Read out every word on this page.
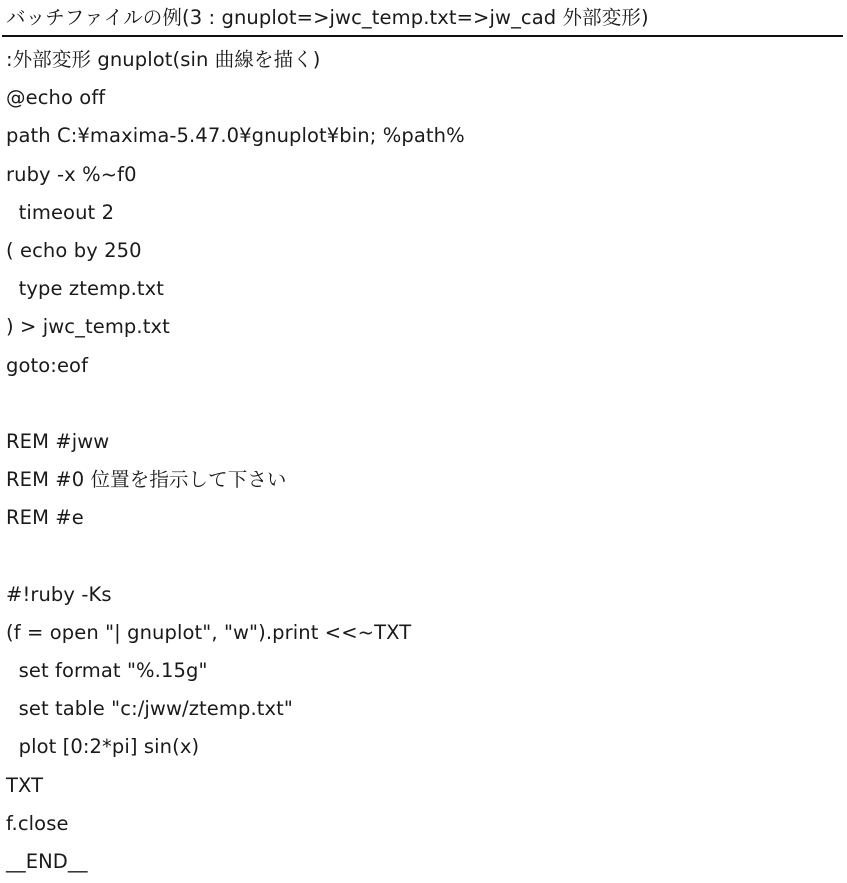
バッチファイルの例(3 : gnuplot=>jwc_temp.txt=>jw_cad 外部変形)
:外部変形 gnuplot(sin 曲線を描く)
@echo off
path C:¥maxima-5.47.0¥gnuplot¥bin; %path%
ruby -x %~f0
timeout 2
( echo by 250
type ztemp.txt
) > jwc_temp.txt
goto:eof
REM #jww
REM #0 位置を指示して下さい
REM #e
#!ruby -Ks
(f = open "| gnuplot", "w").print <<~TXT
set format "%.15g"
set table "c:/jww/ztemp.txt"
plot [0:2*pi] sin(x)
TXT
f.close
__END__
